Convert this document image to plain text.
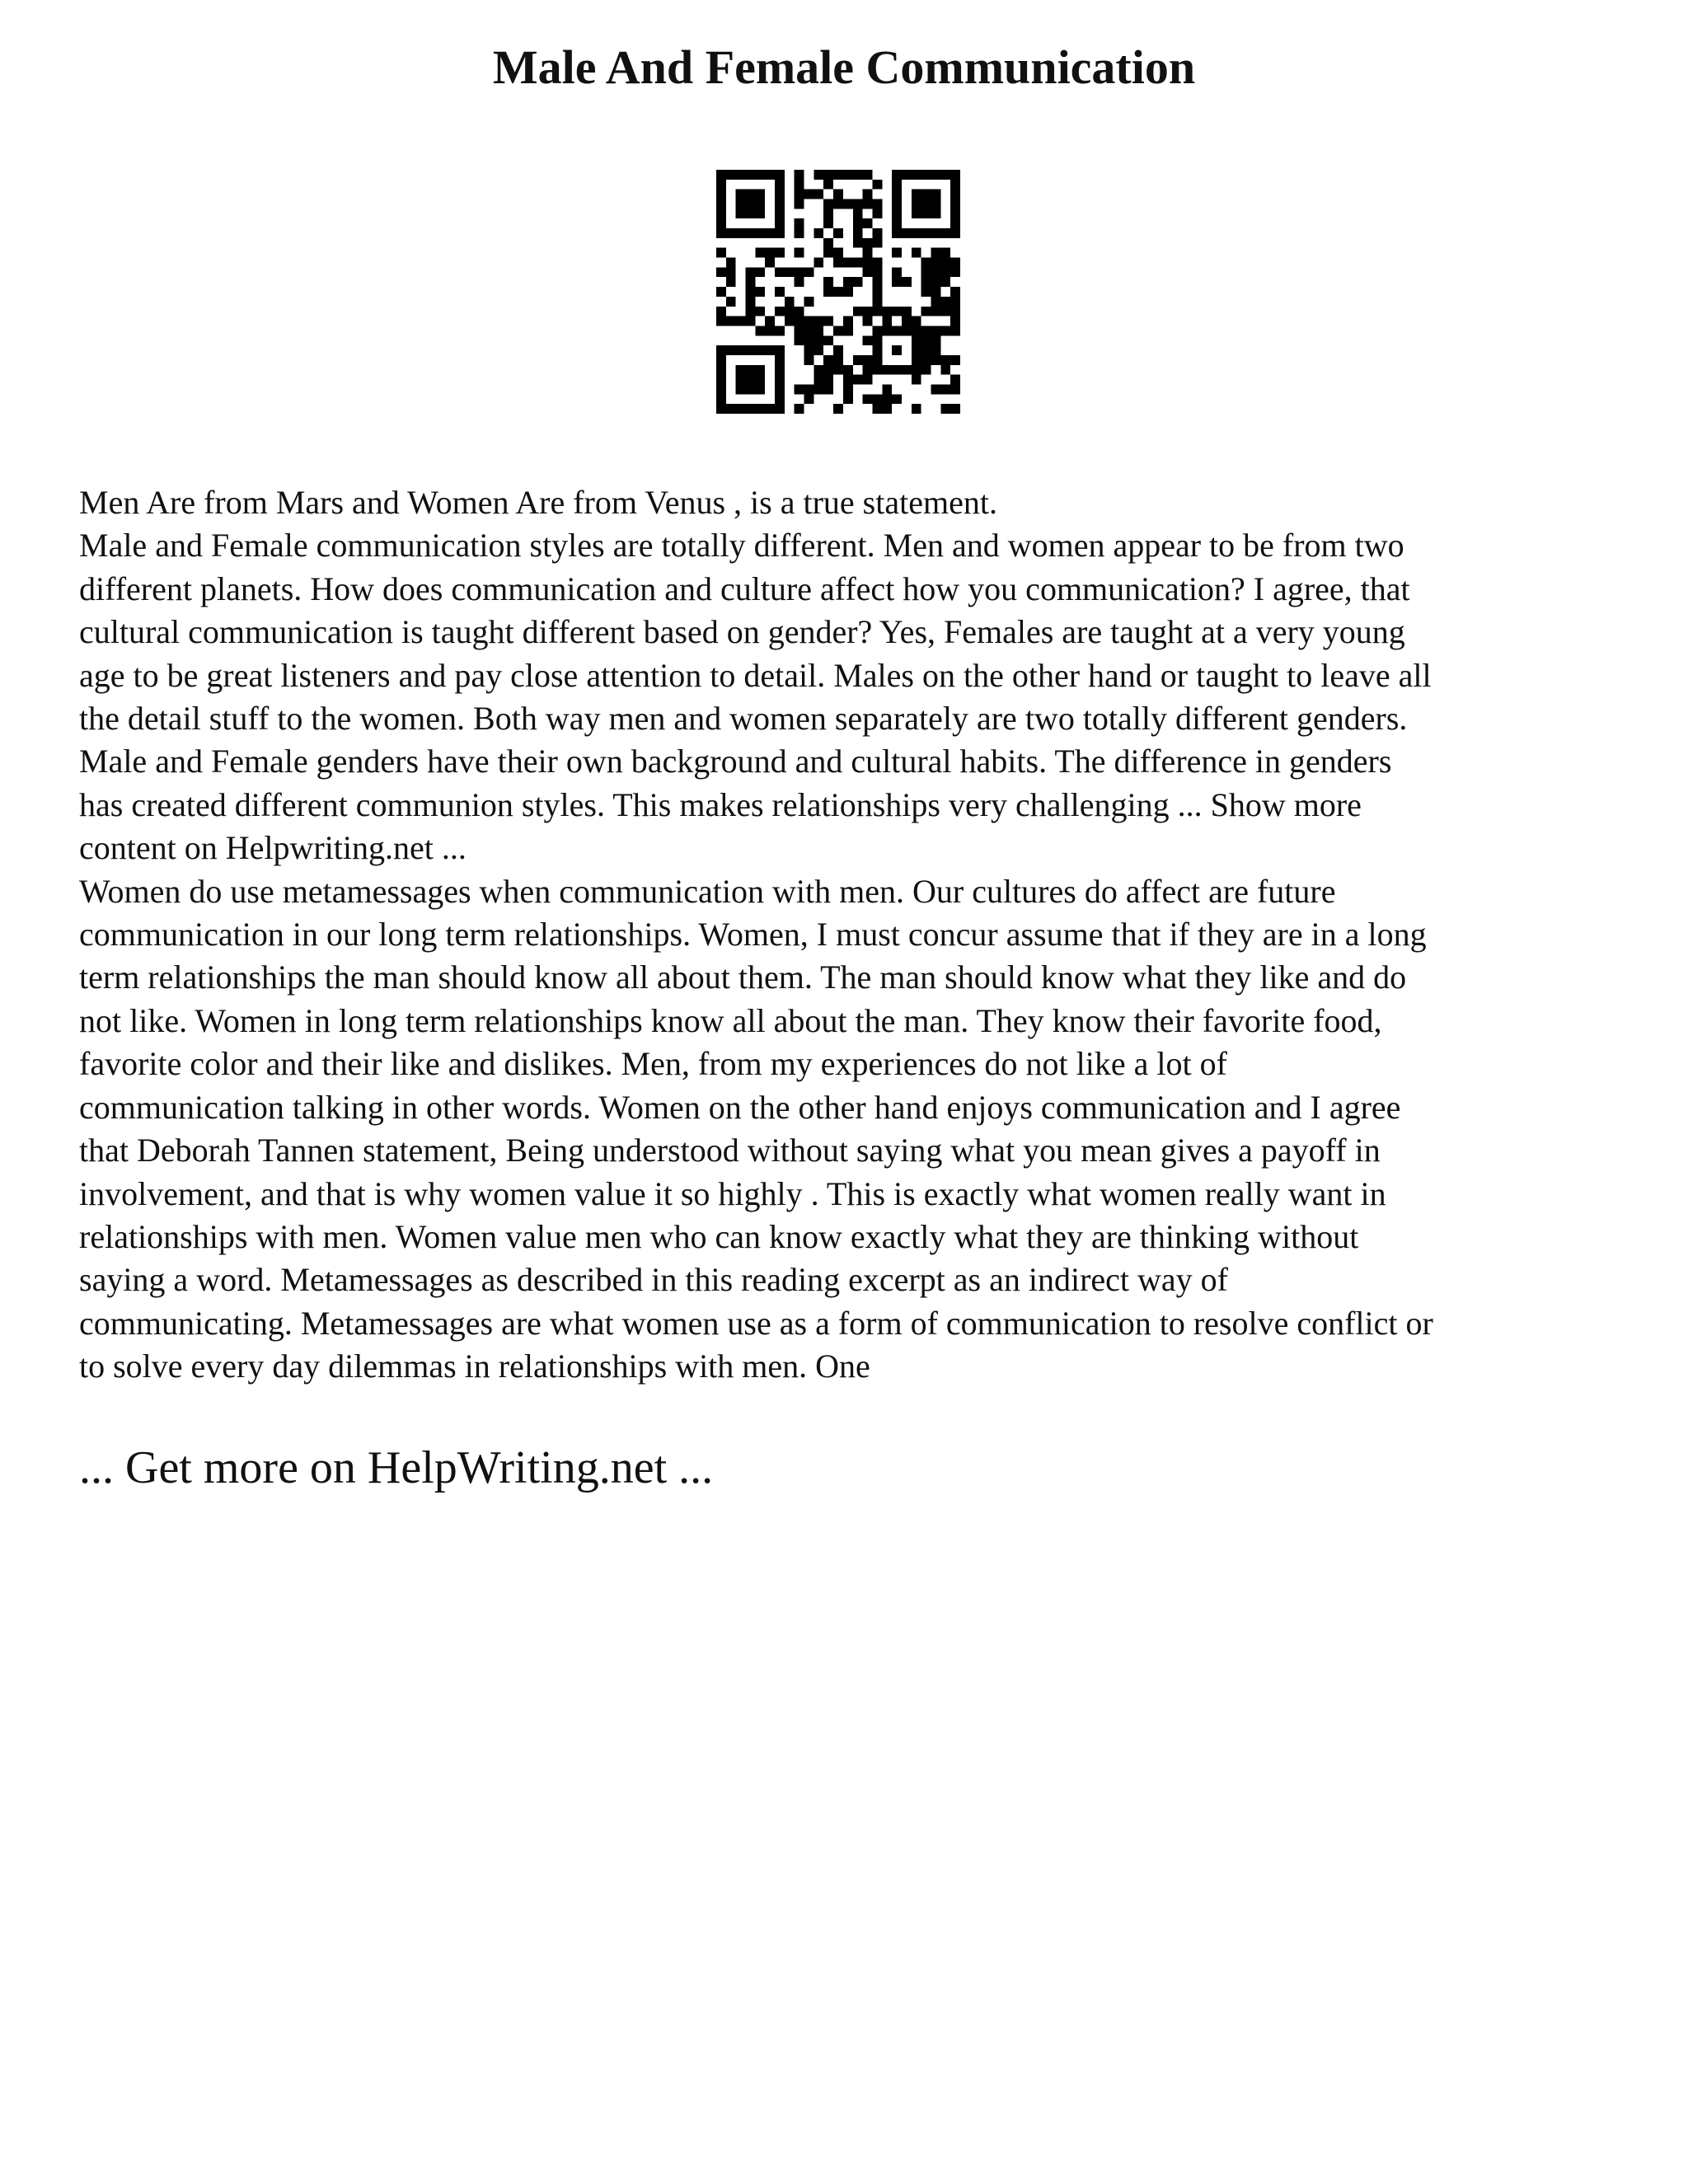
Male And Female Communication

Men Are from Mars and Women Are from Venus , is a true statement.

Male and Female communication styles are totally different. Men and women appear to be from two
different planets. How does communication and culture affect how you communication? I agree, that
cultural communication is taught different based on gender? Yes, Females are taught at a very young
age to be great listeners and pay close attention to detail. Males on the other hand or taught to leave all
the detail stuff to the women. Both way men and women separately are two totally different genders.
Male and Female genders have their own background and cultural habits. The difference in genders
has created different communion styles. This makes relationships very challenging ... Show more
content on Helpwriting.net ...

Women do use metamessages when communication with men. Our cultures do affect are future
communication in our long term relationships. Women, I must concur assume that if they are in a long
term relationships the man should know all about them. The man should know what they like and do
not like. Women in long term relationships know all about the man. They know their favorite food,
favorite color and their like and dislikes. Men, from my experiences do not like a lot of
communication talking in other words. Women on the other hand enjoys communication and I agree
that Deborah Tannen statement, Being understood without saying what you mean gives a payoff in
involvement, and that is why women value it so highly . This is exactly what women really want in
relationships with men. Women value men who can know exactly what they are thinking without
saying a word. Metamessages as described in this reading excerpt as an indirect way of
communicating. Metamessages are what women use as a form of communication to resolve conflict or
to solve every day dilemmas in relationships with men. One

... Get more on HelpWriting.net ...
